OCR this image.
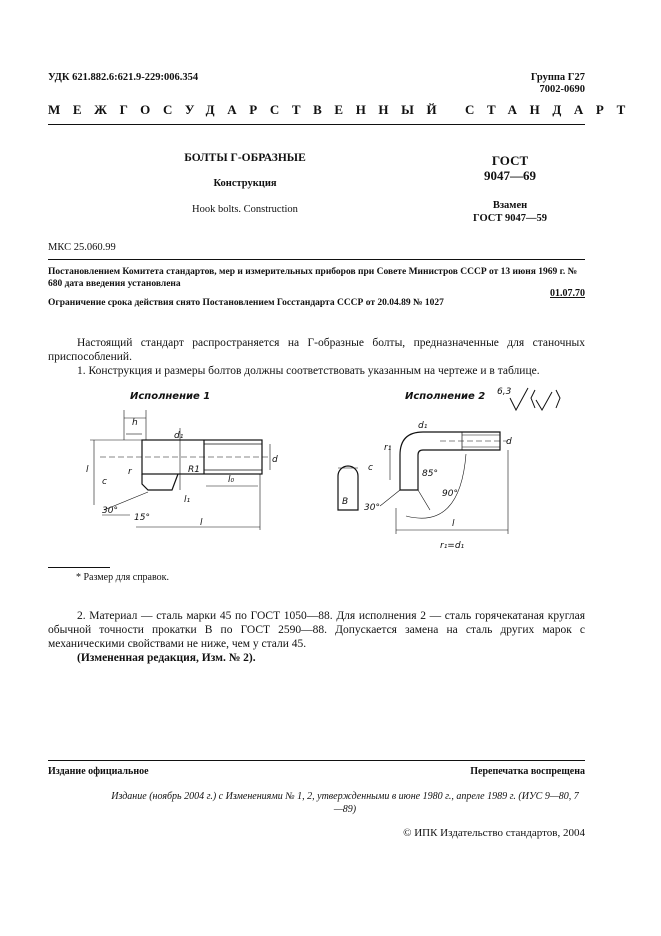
УДК 621.882.6:621.9-229:006.354	Группа Г27
7002-0690
МЕЖГОСУДАРСТВЕННЫЙ СТАНДАРТ
БОЛТЫ Г-ОБРАЗНЫЕ
Конструкция
Hook bolts. Construction
ГОСТ
9047—69
Взамен
ГОСТ 9047—59
МКС 25.060.99
Постановлением Комитета стандартов, мер и измерительных приборов при Совете Министров СССР от 13 июня 1969 г. № 680 дата введения установлена
01.07.70
Ограничение срока действия снято Постановлением Госстандарта СССР от 20.04.89 № 1027
Настоящий стандарт распространяется на Г-образные болты, предназначенные для станочных приспособлений.
1. Конструкция и размеры болтов должны соответствовать указанным на чертеже и в таблице.
Исполнение 1	Исполнение 2 6,3
h
d₁
d
l
l₀
r
c
R1
l₁
30°
15°	l
d₁
d
r₁
c
85°
90°
B
30°
l
r₁=d₁
* Размер для справок.
2. Материал — сталь марки 45 по ГОСТ 1050—88. Для исполнения 2 — сталь горячекатаная круглая обычной точности прокатки В по ГОСТ 2590—88. Допускается замена на сталь других марок с механическими свойствами не ниже, чем у стали 45.
(Измененная редакция, Изм. № 2).
Издание официальное	Перепечатка воспрещена
Издание (ноябрь 2004 г.) с Изменениями № 1, 2, утвержденными в июне 1980 г., апреле 1989 г. (ИУС 9—80, 7—89)
© ИПК Издательство стандартов, 2004
